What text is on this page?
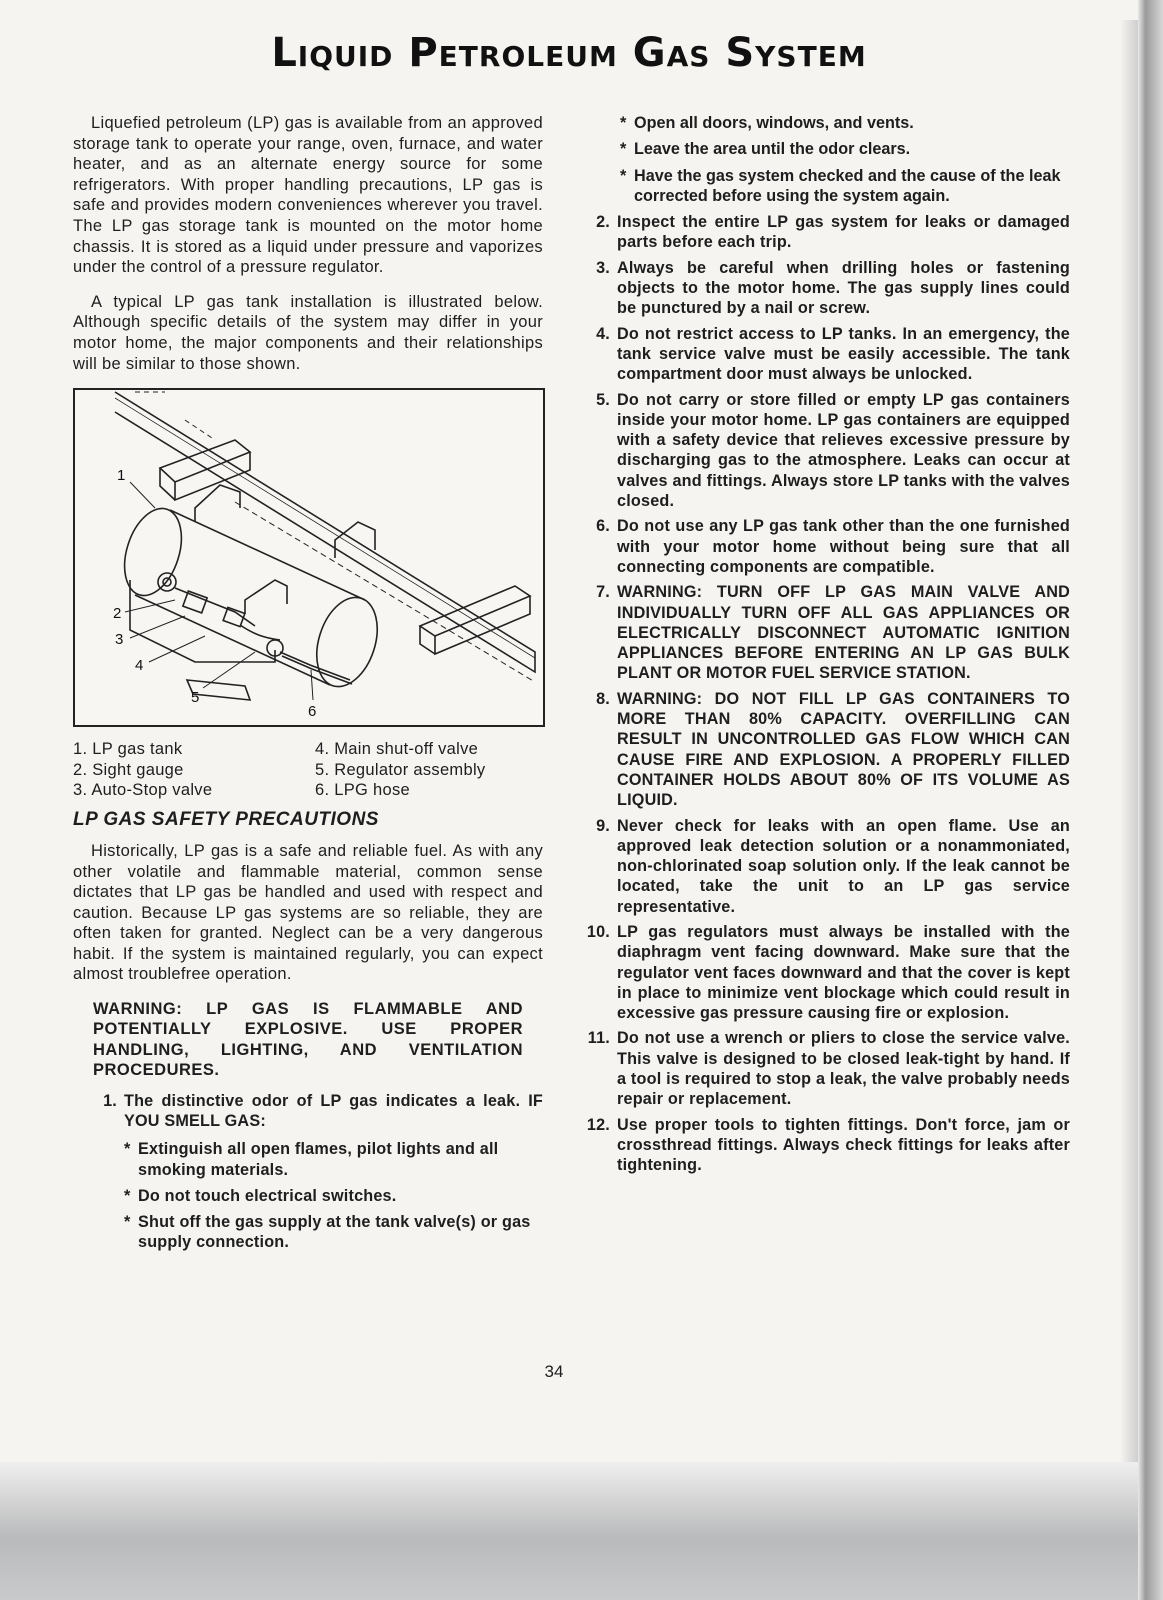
Liquid Petroleum Gas System

Liquefied petroleum (LP) gas is available from an approved storage tank to operate your range, oven, furnace, and water heater, and as an alternate energy source for some refrigerators. With proper handling precautions, LP gas is safe and provides modern conveniences wherever you travel. The LP gas storage tank is mounted on the motor home chassis. It is stored as a liquid under pressure and vaporizes under the control of a pressure regulator.

A typical LP gas tank installation is illustrated below. Although specific details of the system may differ in your motor home, the major components and their relationships will be similar to those shown.

1
2
3
4
5
6
1. LP gas tank	4. Main shut-off valve
2. Sight gauge	5. Regulator assembly
3. Auto-Stop valve	6. LPG hose
LP GAS SAFETY PRECAUTIONS

Historically, LP gas is a safe and reliable fuel. As with any other volatile and flammable material, common sense dictates that LP gas be handled and used with respect and caution. Because LP gas systems are so reliable, they are often taken for granted. Neglect can be a very dangerous habit. If the system is maintained regularly, you can expect almost troublefree operation.

WARNING: LP GAS IS FLAMMABLE AND POTENTIALLY EXPLOSIVE. USE PROPER HANDLING, LIGHTING, AND VENTILATION PROCEDURES.
1. The distinctive odor of LP gas indicates a leak. IF YOU SMELL GAS:
* Extinguish all open flames, pilot lights and all smoking materials.
* Do not touch electrical switches.
* Shut off the gas supply at the tank valve(s) or gas supply connection.
* Open all doors, windows, and vents.
* Leave the area until the odor clears.
* Have the gas system checked and the cause of the leak corrected before using the system again.
2. Inspect the entire LP gas system for leaks or damaged parts before each trip.
3. Always be careful when drilling holes or fastening objects to the motor home. The gas supply lines could be punctured by a nail or screw.
4. Do not restrict access to LP tanks. In an emergency, the tank service valve must be easily accessible. The tank compartment door must always be unlocked.
5. Do not carry or store filled or empty LP gas containers inside your motor home. LP gas containers are equipped with a safety device that relieves excessive pressure by discharging gas to the atmosphere. Leaks can occur at valves and fittings. Always store LP tanks with the valves closed.
6. Do not use any LP gas tank other than the one furnished with your motor home without being sure that all connecting components are compatible.
7. WARNING: TURN OFF LP GAS MAIN VALVE AND INDIVIDUALLY TURN OFF ALL GAS APPLIANCES OR ELECTRICALLY DISCONNECT AUTOMATIC IGNITION APPLIANCES BEFORE ENTERING AN LP GAS BULK PLANT OR MOTOR FUEL SERVICE STATION.
8. WARNING: DO NOT FILL LP GAS CONTAINERS TO MORE THAN 80% CAPACITY. OVERFILLING CAN RESULT IN UNCONTROLLED GAS FLOW WHICH CAN CAUSE FIRE AND EXPLOSION. A PROPERLY FILLED CONTAINER HOLDS ABOUT 80% OF ITS VOLUME AS LIQUID.
9. Never check for leaks with an open flame. Use an approved leak detection solution or a nonammoniated, non-chlorinated soap solution only. If the leak cannot be located, take the unit to an LP gas service representative.
10. LP gas regulators must always be installed with the diaphragm vent facing downward. Make sure that the regulator vent faces downward and that the cover is kept in place to minimize vent blockage which could result in excessive gas pressure causing fire or explosion.
11. Do not use a wrench or pliers to close the service valve. This valve is designed to be closed leak-tight by hand. If a tool is required to stop a leak, the valve probably needs repair or replacement.
12. Use proper tools to tighten fittings. Don't force, jam or crossthread fittings. Always check fittings for leaks after tightening.
34
